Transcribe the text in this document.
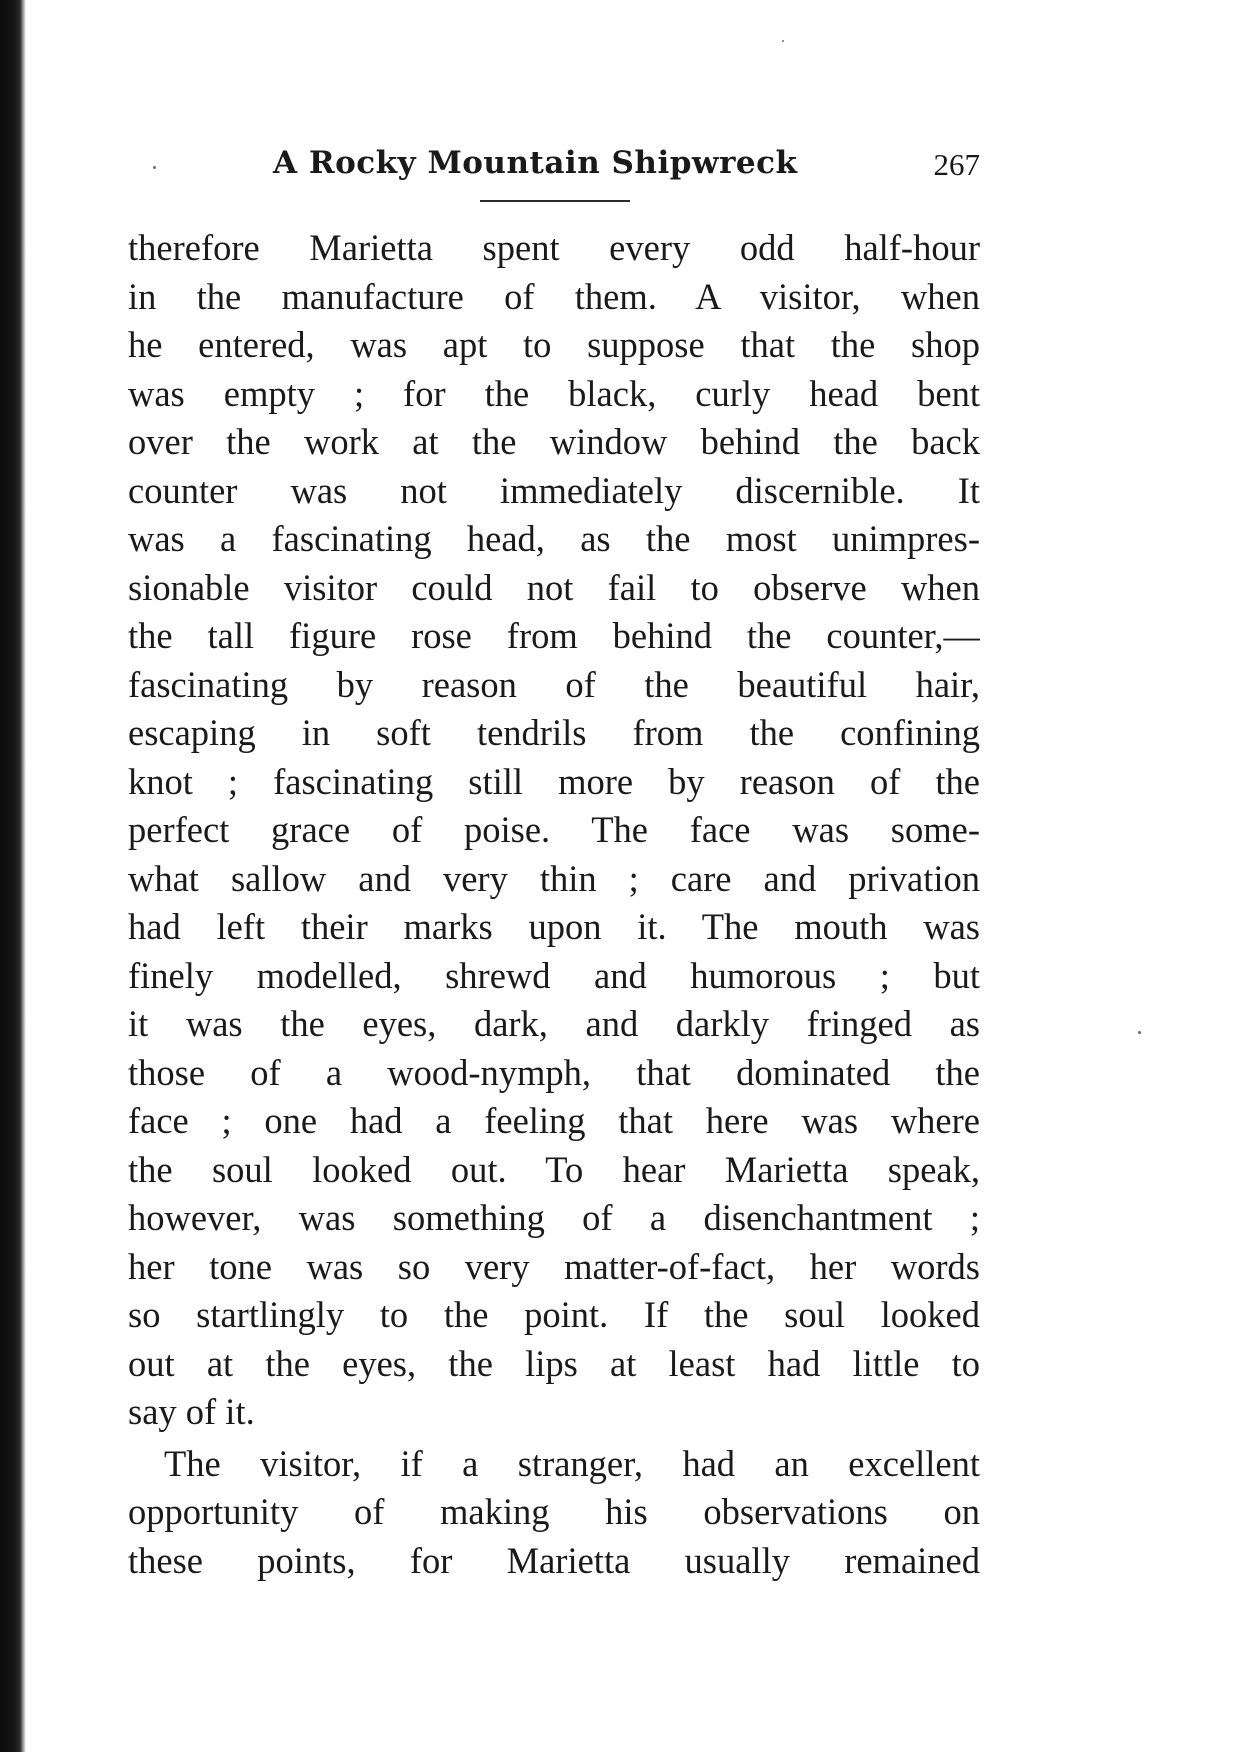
A Rocky Mountain Shipwreck	267
therefore Marietta spent every odd half-hour
in the manufacture of them. A visitor, when
he entered, was apt to suppose that the shop
was empty ; for the black, curly head bent
over the work at the window behind the back
counter was not immediately discernible. It
was a fascinating head, as the most unimpres-
sionable visitor could not fail to observe when
the tall figure rose from behind the counter,—
fascinating by reason of the beautiful hair,
escaping in soft tendrils from the confining
knot ; fascinating still more by reason of the
perfect grace of poise. The face was some-
what sallow and very thin ; care and privation
had left their marks upon it. The mouth was
finely modelled, shrewd and humorous ; but
it was the eyes, dark, and darkly fringed as
those of a wood-nymph, that dominated the
face ; one had a feeling that here was where
the soul looked out. To hear Marietta speak,
however, was something of a disenchantment ;
her tone was so very matter-of-fact, her words
so startlingly to the point. If the soul looked
out at the eyes, the lips at least had little to
say of it.
The visitor, if a stranger, had an excellent
opportunity of making his observations on
these points, for Marietta usually remained
